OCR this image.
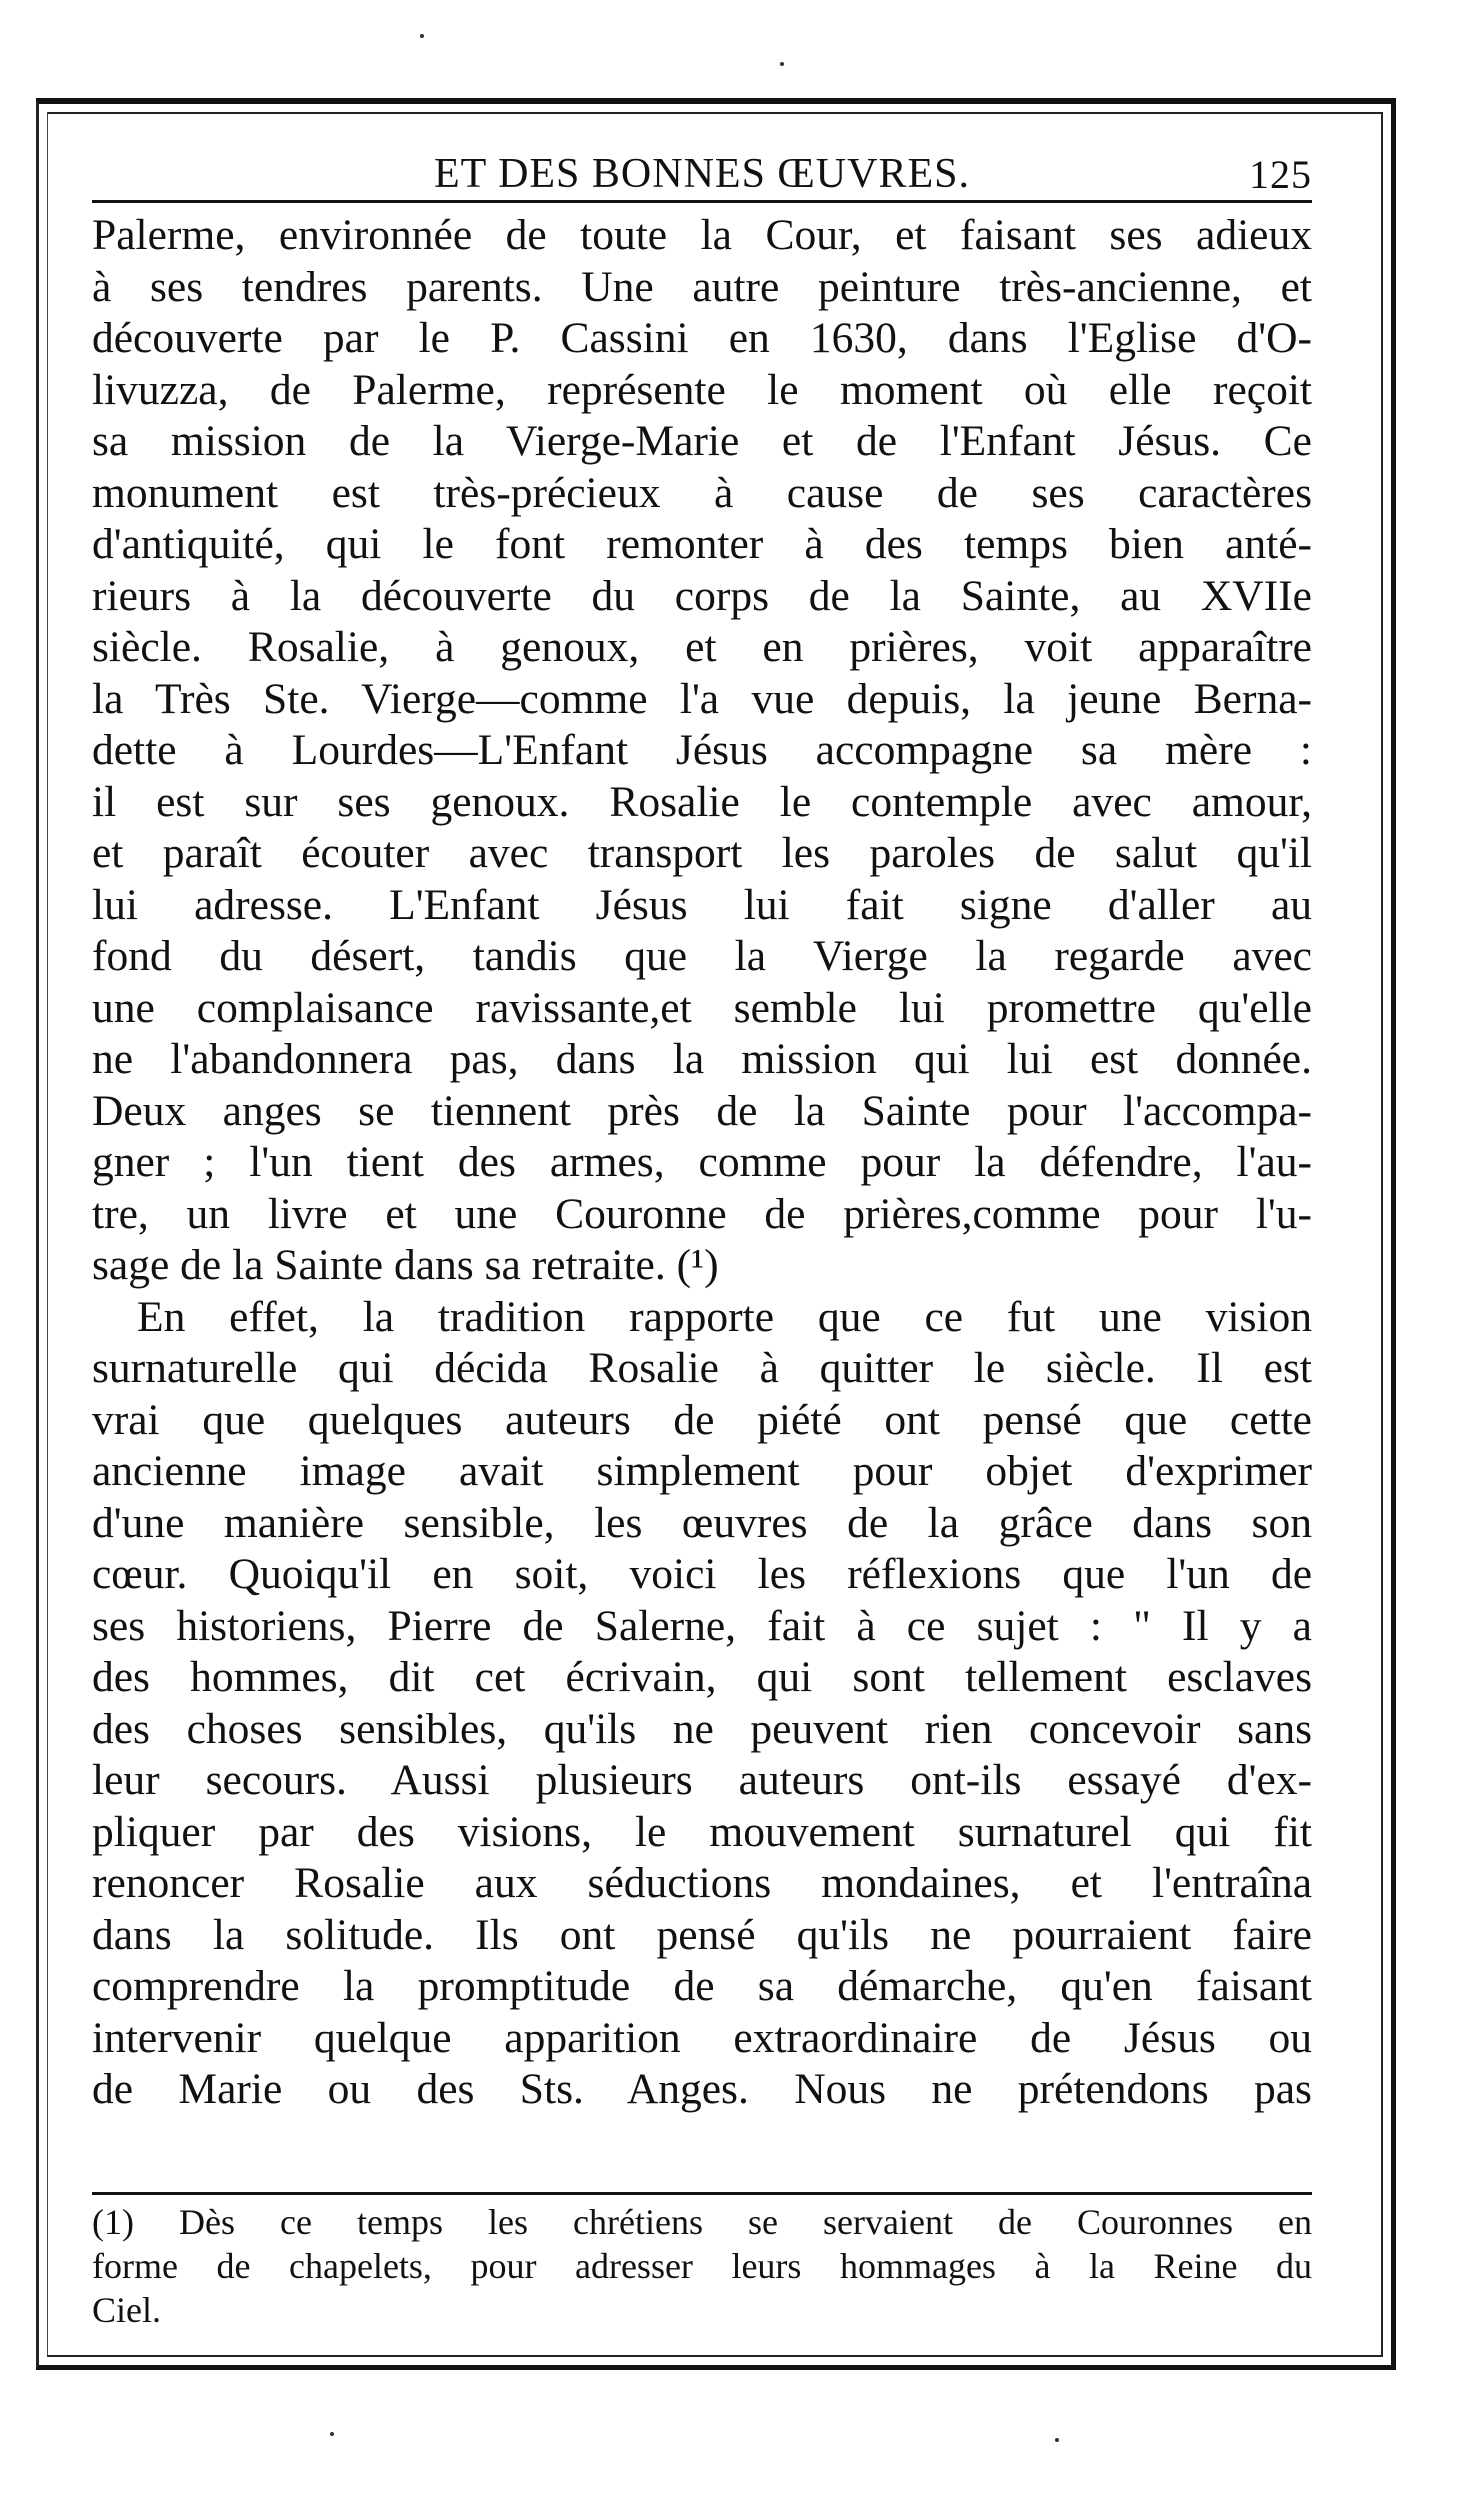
ET DES BONNES ŒUVRES.	125
Palerme, environnée de toute la Cour, et faisant ses adieux
à ses tendres parents. Une autre peinture très-ancienne, et
découverte par le P. Cassini en 1630, dans l'Eglise d'O-
livuzza, de Palerme, représente le moment où elle reçoit
sa mission de la Vierge-Marie et de l'Enfant Jésus. Ce
monument est très-précieux à cause de ses caractères
d'antiquité, qui le font remonter à des temps bien anté-
rieurs à la découverte du corps de la Sainte, au XVIIe
siècle. Rosalie, à genoux, et en prières, voit apparaître
la Très Ste. Vierge—comme l'a vue depuis, la jeune Berna-
dette à Lourdes—L'Enfant Jésus accompagne sa mère :
il est sur ses genoux. Rosalie le contemple avec amour,
et paraît écouter avec transport les paroles de salut qu'il
lui adresse. L'Enfant Jésus lui fait signe d'aller au
fond du désert, tandis que la Vierge la regarde avec
une complaisance ravissante,et semble lui promettre qu'elle
ne l'abandonnera pas, dans la mission qui lui est donnée.
Deux anges se tiennent près de la Sainte pour l'accompa-
gner ; l'un tient des armes, comme pour la défendre, l'au-
tre, un livre et une Couronne de prières,comme pour l'u-
sage de la Sainte dans sa retraite. (¹)
En effet, la tradition rapporte que ce fut une vision
surnaturelle qui décida Rosalie à quitter le siècle. Il est
vrai que quelques auteurs de piété ont pensé que cette
ancienne image avait simplement pour objet d'exprimer
d'une manière sensible, les œuvres de la grâce dans son
cœur. Quoiqu'il en soit, voici les réflexions que l'un de
ses historiens, Pierre de Salerne, fait à ce sujet : " Il y a
des hommes, dit cet écrivain, qui sont tellement esclaves
des choses sensibles, qu'ils ne peuvent rien concevoir sans
leur secours. Aussi plusieurs auteurs ont-ils essayé d'ex-
pliquer par des visions, le mouvement surnaturel qui fit
renoncer Rosalie aux séductions mondaines, et l'entraîna
dans la solitude. Ils ont pensé qu'ils ne pourraient faire
comprendre la promptitude de sa démarche, qu'en faisant
intervenir quelque apparition extraordinaire de Jésus ou
de Marie ou des Sts. Anges. Nous ne prétendons pas
(1) Dès ce temps les chrétiens se servaient de Couronnes en
forme de chapelets, pour adresser leurs hommages à la Reine du
Ciel.
